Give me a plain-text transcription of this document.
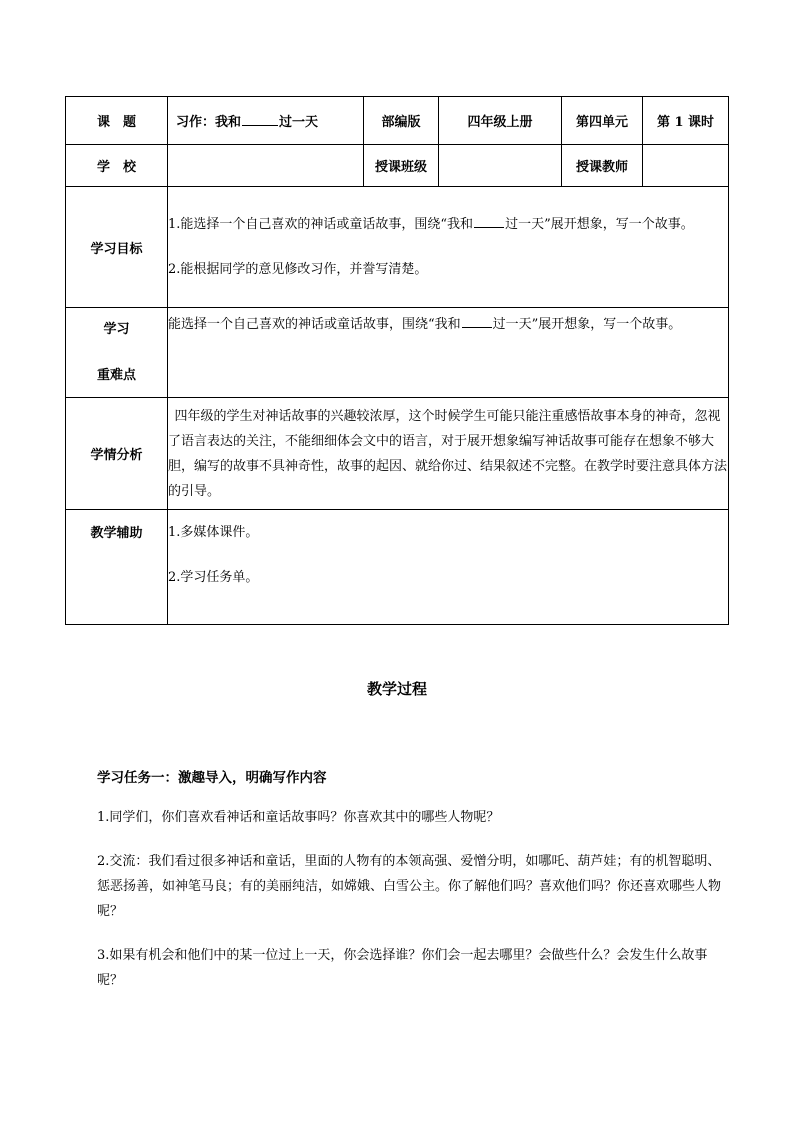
课　题	习作：我和 过一天	部编版	四年级上册	第四单元	第 1 课时
学　校		授课班级		授课教师	
学习目标	1.能选择一个自己喜欢的神话或童话故事，围绕“我和 过一天”展开想象，写一个故事。

2.能根据同学的意见修改习作，并誊写清楚。				

学习
重难点	能选择一个自己喜欢的神话或童话故事，围绕“我和 过一天”展开想象，写一个故事。				

学情分析	四年级的学生对神话故事的兴趣较浓厚，这个时候学生可能只能注重感悟故事本身的神奇，忽视了语言表达的关注，不能细细体会文中的语言，对于展开想象编写神话故事可能存在想象不够大胆，编写的故事不具神奇性，故事的起因、就给你过、结果叙述不完整。在教学时要注意具体方法的引导。				

教学辅助	1.多媒体课件。

2.学习任务单。				

教学过程

学习任务一：激趣导入，明确写作内容

1.同学们，你们喜欢看神话和童话故事吗？你喜欢其中的哪些人物呢？

2.交流：我们看过很多神话和童话，里面的人物有的本领高强、爱憎分明，如哪吒、葫芦娃；有的机智聪明、惩恶扬善，如神笔马良；有的美丽纯洁，如嫦娥、白雪公主。你了解他们吗？喜欢他们吗？你还喜欢哪些人物呢？

3.如果有机会和他们中的某一位过上一天，你会选择谁？你们会一起去哪里？会做些什么？会发生什么故事呢？
